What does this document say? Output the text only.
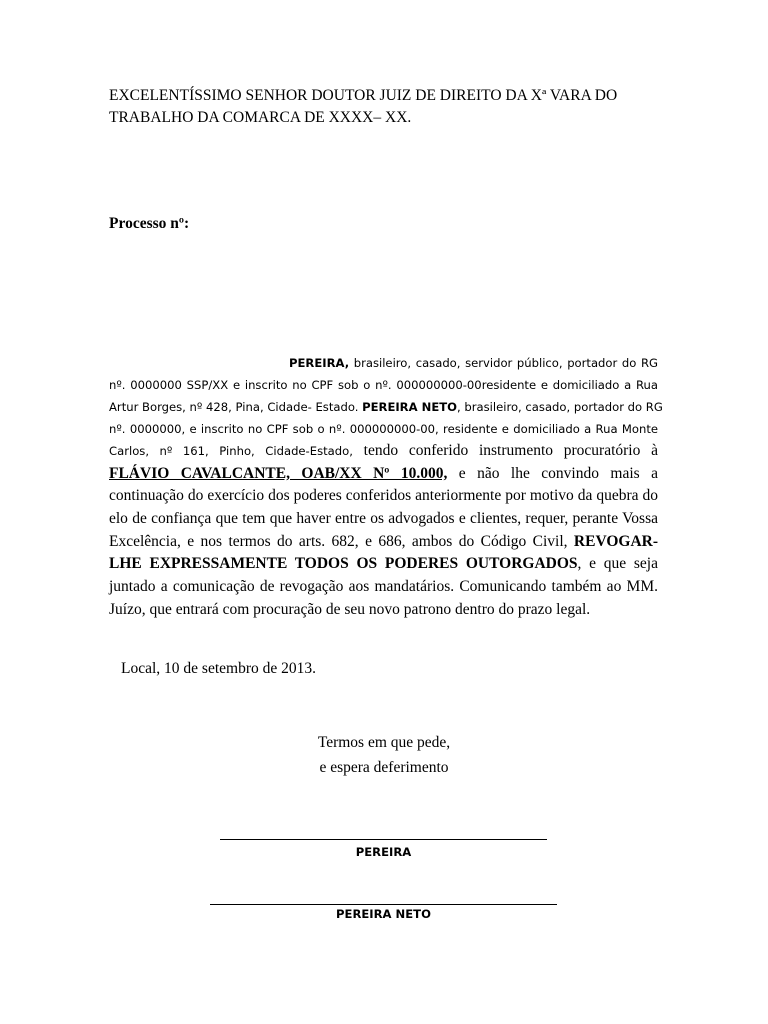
EXCELENTÍSSIMO SENHOR DOUTOR JUIZ DE DIREITO DA Xª VARA DO
TRABALHO DA COMARCA DE XXXX– XX.
Processo nº:
PEREIRA, brasileiro, casado, servidor público, portador do RG
nº. 0000000 SSP/XX e inscrito no CPF sob o nº. 000000000-00residente e domiciliado a Rua
Artur Borges, nº 428, Pina, Cidade- Estado. PEREIRA NETO, brasileiro, casado, portador do RG
nº. 0000000, e inscrito no CPF sob o nº. 000000000-00, residente e domiciliado a Rua Monte
Carlos, nº 161, Pinho, Cidade-Estado, tendo conferido instrumento procuratório à
FLÁVIO CAVALCANTE, OAB/XX Nº 10.000, e não lhe convindo mais a
continuação do exercício dos poderes conferidos anteriormente por motivo da quebra do
elo de confiança que tem que haver entre os advogados e clientes, requer, perante Vossa
Excelência, e nos termos do arts. 682, e 686, ambos do Código Civil, REVOGAR-
LHE EXPRESSAMENTE TODOS OS PODERES OUTORGADOS, e que seja
juntado a comunicação de revogação aos mandatários. Comunicando também ao MM.
Juízo, que entrará com procuração de seu novo patrono dentro do prazo legal.
Local, 10 de setembro de 2013.
Termos em que pede,
e espera deferimento
PEREIRA
PEREIRA NETO
